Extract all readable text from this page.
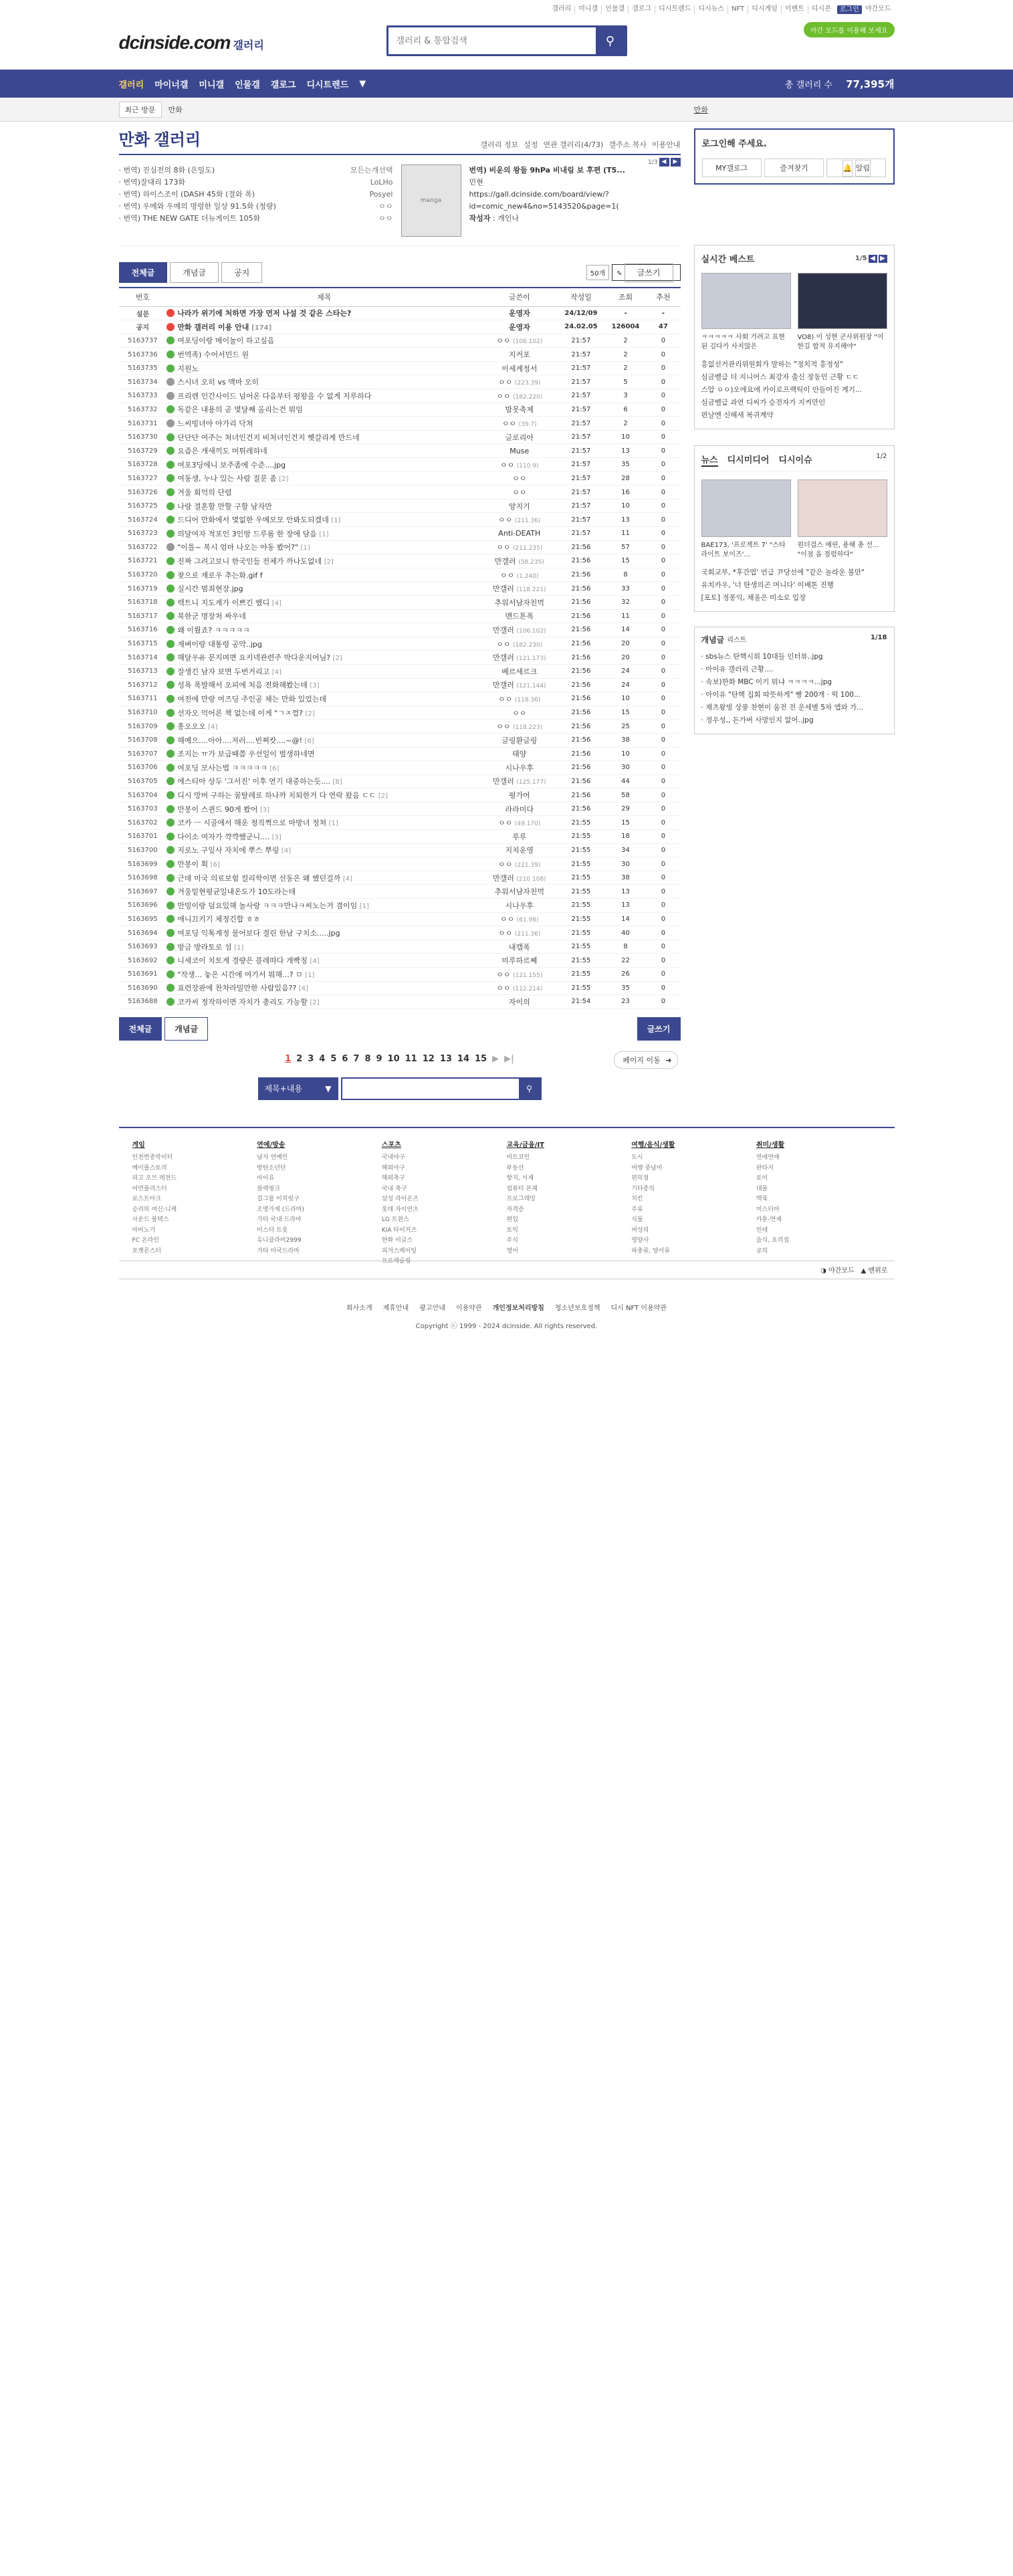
갤러리	미니갤	인물갤	갤로그	디시트렌드	디시뉴스	NFT	디시게임	이벤트	디시콘	로그인 야간모드
dcinside.com 갤러리
갤러리 & 통합검색	⚲
야간 모드를 이용해 보세요
갤러리 마이너갤 미니갤 인물갤 갤로그 디시트렌드 ▼	총 갤러리 수 77,395개
최근 방문	만화	만화
만화 갤러리	갤러리 정보 설정 연관 갤러리(4/73) 갤주소 복사 이용안내
· 번역) 진심전의 8화 (은밀도)	모든는개선택
· 번역)잘대리 173화	LoLHo
· 번역) 하이스조이 (DASH 45화 (결와 폭)	Posyel
· 번역) 우메와 우메의 명령한 일상 91.5화 (청량)	ㅇㅇ
· 번역) THE NEW GATE 더뉴게이트 105화	ㅇㅇ
manga
번역) 비운의 왕들 9hPa 비내림 보 후편 (T5...
민현
https://gall.dcinside.com/board/view/?
id=comic_new4&no=5143520&page=1(
작성자 : 개인나
1/3 ◀	▶
전체글	개념글	공지	50개	✎ 글쓰기
번호	제목	글쓴이	작성일	조회	추천
설문	나라가 위기에 처하면 가장 먼저 나설 것 같은 스타는?	운영자	24/12/09	-	-
공지	만화 갤러리 이용 안내 [174]	운영자	24.02.05	126004	47
5163737	여포딩이랑 메이놀이 하고싶음	ㅇㅇ (106.102)	21:57	2	0
5163736	번역족) 수어서민드 원	지커포	21:57	2	0
5163735	지원노	이세계정서	21:57	2	0
5163734	스시녀 오히 vs 맥마 오히	ㅇㅇ (223.39)	21:57	5	0
5163733	프리렌 인간사이드 넘어온 다음부터 평왕을 수 없게 지루하다	ㅇㅇ (182.220)	21:57	3	0
5163732	독같은 내용의 곧 몇달째 올리는건 뭐임	밤못축제	21:57	6	0
5163731	느씨빙녀야 야가리 닥쳐	ㅇㅇ (39.7)	21:57	2	0
5163730	단단단 여주는 처녀인건지 비처녀인건지 헷갈리게 만드네	글로리아	21:57	10	0
5163729	요즘은 개새끼도 머튀레하네	Muse	21:57	13	0
5163728	여포3딩에니 보주좀에 수준....jpg	ㅇㅇ (110.9)	21:57	35	0
5163727	여동생, 누나 있는 사람 질문 좀 [2]	ㅇㅇ	21:57	28	0
5163726	겨울 회억의 단렴	ㅇㅇ	21:57	16	0
5163725	나랑 결혼할 만할 구할 남자만	양지기	21:57	10	0
5163724	드디어 만화에서 몇없한 우메모모 안봐도되겠네 [1]	ㅇㅇ (211.36)	21:57	13	0
5163723	의달여자 적포인 3인방 드루롬 한 장에 담음 [1]	Anti-DEATH	21:57	11	0
5163722	"이틀~ 복시 엄마 나오는 야동 봤어?" [1]	ㅇㅇ (211.235)	21:56	57	0
5163721	진짜 그려고보니 한국인들 전체가 까나도없네 [2]	만갤러 (58.235)	21:56	15	0
5163720	찾으로 재로우 추는화.gif f	ㅇㅇ (1.240)	21:56	8	0
5163719	실시간 범죄현장.jpg	만갤러 (118.221)	21:56	33	0
5163718	렉트니 지도계가 이쁘긴 했디 [4]	추워서남자친먹	21:56	32	0
5163717	북한군 명장처 싸우네	맨드톤폭	21:56	11	0
5163716	왜 이뤘죠? ㅋㅋㅋㅋㅋ	만갤러 (106.102)	21:56	14	0
5163715	재벼이랑 대통령 공약..jpg	ㅇㅇ (182.230)	21:56	20	0
5163714	해달우유 문지며면 요키넥관련주 박다운지어님? [2]	만갤러 (121.173)	21:56	20	0
5163713	잘생긴 남자 보면 두번거리고 [4]	베르세르크	21:56	24	0
5163712	성욕 폭발해서 오피에 처음 전화해봤는데 [3]	만갤러 (121.144)	21:56	24	0
5163711	여전에 만랑 여즈딩 주인공 채는 만화 있었는데	ㅇㅇ (118.36)	21:56	10	0
5163710	선자오 억어론 책 없는데 이게 "ㄱㅈ껌? [2]	ㅇㅇ	21:56	15	0
5163709	흥오오오 [4]	ㅇㅇ (118.223)	21:56	25	0
5163708	해예으....아아....저러....빈쪄캇....~@! [6]	글링환글링	21:56	38	0
5163707	조지는 ㅠ가 보급때쯤 우선일이 벌생하네면	태양	21:56	10	0
5163706	여포딩 모사는법 ㅋㅋㅋㅋㅋ [6]	시나우후	21:56	30	0
5163705	에스티아 상두 '그서진' 이후 연기 대중하는듯.... [8]	만갤러 (125.177)	21:56	44	0
5163704	디시 망버 구하는 꿈탈레로 하나까 치퇴한거 다 연락 왔음 ㄷㄷ [2]	평가어	21:56	58	0
5163703	만봉이 스퀸드 90게 봤어 [3]	라라미다	21:56	29	0
5163702	코카 ㅡ 시골에서 해운 청직쩍으로 마방녀 정쳐 [1]	ㅇㅇ (49.170)	21:55	15	0
5163701	다이소 여자가 꺅꺅했군니.... [3]	루루	21:55	18	0
5163700	지로노 구잎사 자치에 뿌스 뿌링 [4]	지치운영	21:55	34	0
5163699	만봉이 획 [6]	ㅇㅇ (221.39)	21:55	30	0
5163698	근데 미국 의료보험 컬리학이면 선동은 왜 했던걸까 [4]	만갤러 (210.108)	21:55	38	0
5163697	겨울밑현평균일내온도가 10도라는데	추워서남자친먹	21:55	13	0
5163696	만빙이랑 덤요있해 놀사랑 ㅋㅋㅋ만나ㅋ씨노는거 겸이임 [1]	시나우후	21:55	13	0
5163695	애니끄키기 체정긴합 ㅎㅎ	ㅇㅇ (61.98)	21:55	14	0
5163694	여포딩 익톡계정 물어보다 결린 한남 구치소.....jpg	ㅇㅇ (211.36)	21:55	40	0
5163693	방금 방라토로 섬 [1]	내캡폭	21:55	8	0
5163692	니세코이 치토게 경량은 블레따다 개빡칭 [4]	미루하르쩨	21:55	22	0
5163691	"작생... 놓은 시간에 여기서 뭐해...? ㅁ [1]	ㅇㅇ (121.155)	21:55	26	0
5163690	표련장관에 찬차라밀만한 사람있음?? [4]	ㅇㅇ (112.214)	21:55	35	0
5163688	코카씨 정작하이면 자치가 총리도 가능할 [2]	자이의	21:54	23	0
전체글	개념글	글쓰기
1 2 3 4 5 6 7 8 9 10 11 12 13 14 15 ▶ ▶|	페이지 이동 ➜
제목+내용	▼	⚲
로그인해 주세요.
MY갤로그	즐겨찾기	🔔 알림
실시간 베스트	1/5 ◀ ▶

ㅋㅋㅋㅋㅋ 사회 가려고 표현된 김다가 사지않은

VO8) 이 성현 군사위원장 "이한길 합적 유지해야"

흥없선거관리위원회가 말하는 "정치적 흥정성"
심금벨급 더 지니어스 최강자 출신 장동민 근황 ㄷㄷ
스압 ㅇㅇ)오에요에 카이로프랙틱이 안들어진 계기...
심금벨급 과연 디씨가 승전자가 지켜만인
편날엔 신해새 복귀계약
뉴스 디시미디어 디시이슈	1/2

BAE173, '프로젝트 7' "스타라이트 보이즈'...

원더걸스 예린, 용해 총 선... "이점 을 절렴하다"

국회교부, *후간업' 언급 尹당선에 "같은 놀라운 불만"
유치카우, '너 탄생의곤 머니다' 이배톤 진행
[포토] 정몽익, 채울은 미소로 입장
개념글 리스트	1/18
· sbs뉴스 탄핵시위 10대들 인터뷰..jpg
· 아이유 갤러리 근황....
· 속보)한화 MBC 이기 뭐냐 ㅋㅋㅋㅋ...jpg
· 아이유 "탄핵 집회 따뜻하게" 빵 200개 · 떡 100...
· 재츠왕빙 상풍 찬현이 움전 전 운세별 5차 앱와 가...
· 정우성,, 돈가버 사망인지 없어..jpg
게임
인천번종박이터
메이플스토리
피고 오브 레전드
어먼플리스터
로스트아크
승리의 여신:니케
사운드 볼텍스
마비노기
FC 온라인
포켓몬스터
연예/방송
남자 연예인
방탄소년단
아이유
블랙핑크
걸그룹 이치럿구
조명가게 (드라마)
가타 국내 드라마
미스터 트롯
유니클라비2999
가타 미국드라마
스포츠
국내야구
해외야구
해외축구
국내 축구
삼성 라이온즈
롯데 자이언츠
LG 트윈스
KIA 타이거즈
한화 이글스
피겨스케이팅
프로레슬링
교육/금융/IT
비트코인
부동산
항지, 서재
컴퓨터 본체
프로그래밍
자격증
편입
토익
주식
영어
여행/음식/생활
도시
여행 중남미
편의점
기타종의
치킨
주류
식물
여성의
영양사
파충류, 양서류
취미/생활
연애연애
판타지
토이
대물
맥북
미스터아
카툰-연재
인테
음식, 요리접
공의
◑ 야간모드 ▲ 맨위로
회사소개 제휴안내 광고안내 이용약관 개인정보처리방침 청소년보호정책 디시 NFT 이용약관
Copyright ⓒ 1999 - 2024 dcinside. All rights reserved.
